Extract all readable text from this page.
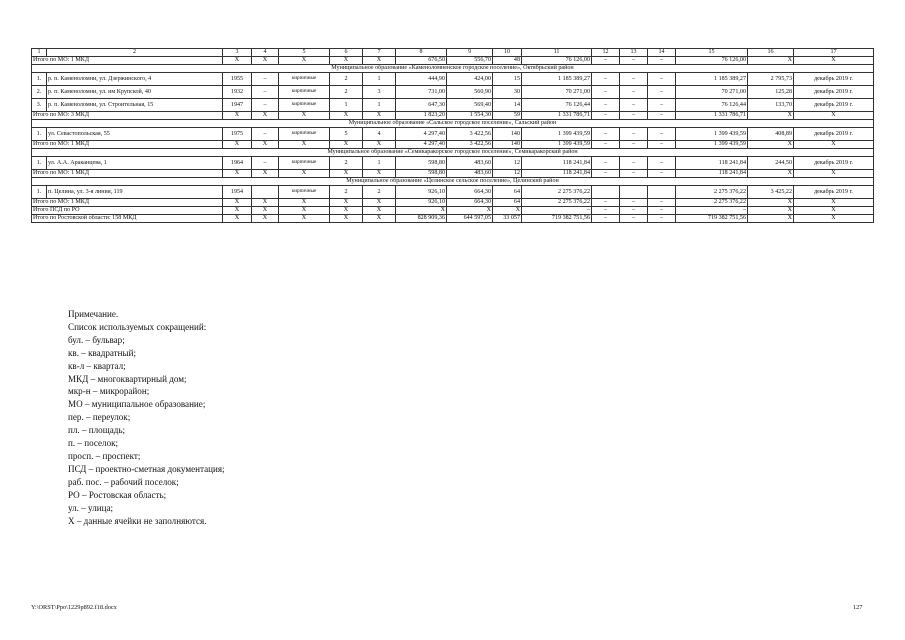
1	2	3	4	5	6	7	8	9	10	11	12	13	14	15	16	17
Итого по МО: 1 МКД		Х	Х	Х	Х	Х	676,50	556,70	48	76 126,00	–	–	–	76 126,00	Х	Х
Муниципальное образование «Каменоломненское городское поселение», Октябрьский район																
1.	р. п. Каменоломни, ул. Дзержинского, 4	1955	–	кирпичные	2	1	444,90	424,00	15	1 185 389,27	–	–	–	1 185 389,27	2 795,73	декабрь 2019 г.
2.	р. п. Каменоломни, ул. им Крупской, 40	1932	–	кирпичные	2	3	731,00	560,90	30	70 271,00	–	–	–	70 271,00	125,28	декабрь 2019 г.
3.	р. п. Каменоломни, ул. Строительная, 15	1947	–	кирпичные	1	1	647,30	569,40	14	76 126,44	–	–	–	76 126,44	133,70	декабрь 2019 г.
Итого по МО: 3 МКД		Х	Х	Х	Х	Х	1 823,20	1 554,30	59	1 331 786,71	–	–	–	1 331 786,71	Х	Х
Муниципальное образование «Сальское городское поселение», Сальский район																
1.	ул. Севастопольская, 55	1975	–	кирпичные	5	4	4 297,40	3 422,56	140	1 399 439,59	–	–	–	1 399 439,59	408,89	декабрь 2019 г.
Итого по МО: 1 МКД		Х	Х	Х	Х	Х	4 297,40	3 422,56	140	1 399 439,59	–	–	–	1 399 439,59	Х	Х
Муниципальное образование «Семикаракорское городское поселение», Семикаракорский район																
1.	ул. А.А. Араканцева, 1	1964	–	кирпичные	2	1	598,80	483,60	12	118 241,84	–	–	–	118 241,84	244,50	декабрь 2019 г.
Итого по МО: 1 МКД		Х	Х	Х	Х	Х	598,80	483,60	12	118 241,84	–	–	–	118 241,84	Х	Х
Муниципальное образование «Целинское сельское поселение», Целинский район																
1.	п. Целина, ул. 3-я линия, 119	1954		кирпичные	2	2	926,10	664,30	64	2 275 376,22				2 275 376,22	3 425,22	декабрь 2019 г.
Итого по МО: 1 МКД		Х	Х	Х	Х	Х	926,10	664,30	64	2 275 376,22	–	–	–	2 275 376,22	Х	Х
Итого ПСД по РО		Х	Х	Х	Х	Х	Х	Х	Х	–	–	–	–	–	Х	Х
Итого по Ростовской области: 158 МКД		Х	Х	Х	Х	Х	828 909,36	644 597,05	33 057	719 382 751,56	–	–	–	719 382 751,56	Х	Х
Примечание.
Список используемых сокращений:
бул. – бульвар;
кв. – квадратный;
кв-л – квартал;
МКД – многоквартирный дом;
мкр-н – микрорайон;
МО – муниципальное образование;
пер. – переулок;
пл. – площадь;
п. – поселок;
просп. – проспект;
ПСД – проектно-сметная документация;
раб. пос. – рабочий поселок;
РО – Ростовская область;
ул. – улица;
Х – данные ячейки не заполняются.
Y:\ORST\Ppo\1229p892.f18.docx	127
